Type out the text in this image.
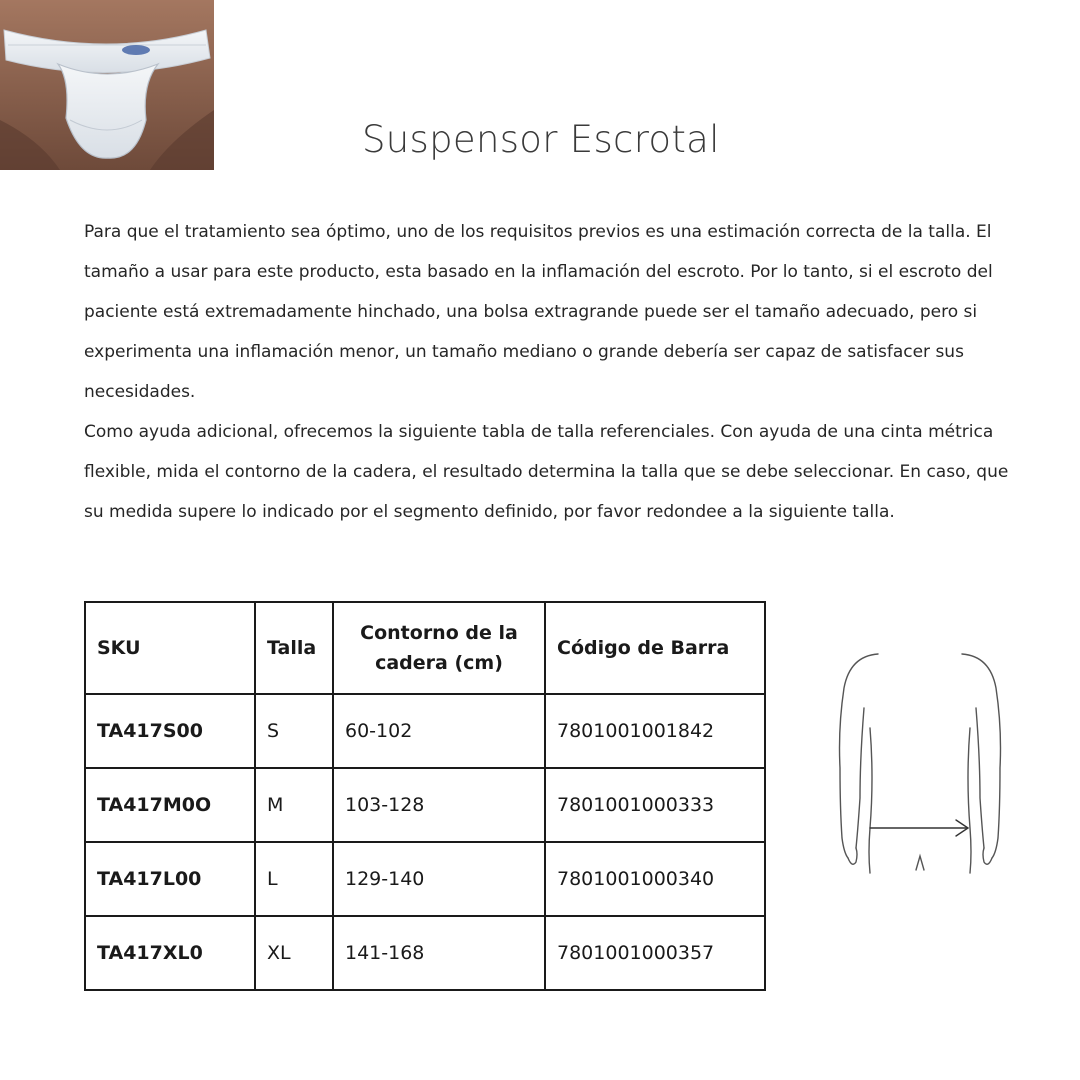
Suspensor Escrotal

Para que el tratamiento sea óptimo, uno de los requisitos previos es una estimación correcta de la talla. El tamaño a usar para este producto, esta basado en la inflamación del escroto. Por lo tanto, si el escroto del paciente está extremadamente hinchado, una bolsa extragrande puede ser el tamaño adecuado, pero si experimenta una inflamación menor, un tamaño mediano o grande debería ser capaz de satisfacer sus necesidades.

Como ayuda adicional, ofrecemos la siguiente tabla de talla referenciales. Con ayuda de una cinta métrica flexible, mida el contorno de la cadera, el resultado determina la talla que se debe seleccionar. En caso, que su medida supere lo indicado por el segmento definido, por favor redondee a la siguiente talla.

SKU	Talla	Contorno de la cadera (cm)	Código de Barra
TA417S00	S	60-102	7801001001842
TA417M0O	M	103-128	7801001000333
TA417L00	L	129-140	7801001000340
TA417XL0	XL	141-168	7801001000357
